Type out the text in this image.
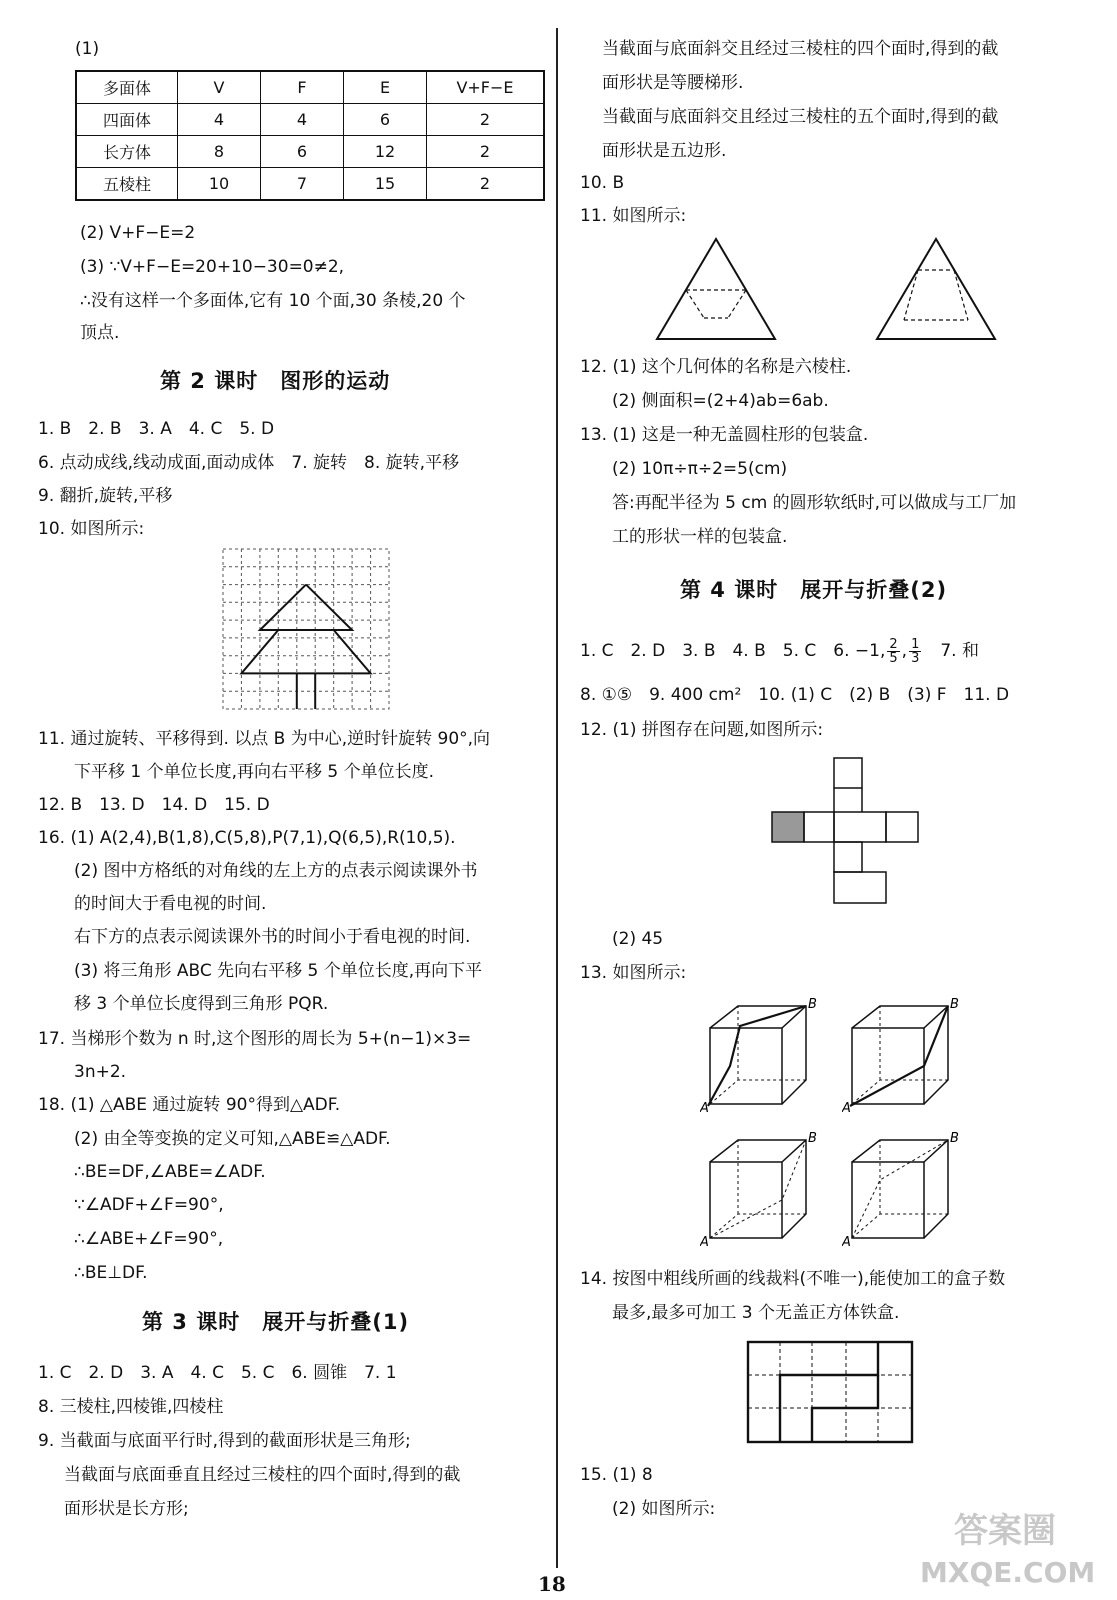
(1)
多面体	V	F	E	V+F−E
四面体	4	4	6	2
长方体	8	6	12	2
五棱柱	10	7	15	2
(2) V+F−E=2
(3) ∵V+F−E=20+10−30=0≠2,
∴没有这样一个多面体,它有 10 个面,30 条棱,20 个
顶点.
第 2 课时　图形的运动
1. B　2. B　3. A　4. C　5. D
6. 点动成线,线动成面,面动成体　7. 旋转　8. 旋转,平移
9. 翻折,旋转,平移
10. 如图所示:
11. 通过旋转、平移得到. 以点 B 为中心,逆时针旋转 90°,向
下平移 1 个单位长度,再向右平移 5 个单位长度.
12. B　13. D　14. D　15. D
16. (1) A(2,4),B(1,8),C(5,8),P(7,1),Q(6,5),R(10,5).
(2) 图中方格纸的对角线的左上方的点表示阅读课外书
的时间大于看电视的时间.
右下方的点表示阅读课外书的时间小于看电视的时间.
(3) 将三角形 ABC 先向右平移 5 个单位长度,再向下平
移 3 个单位长度得到三角形 PQR.
17. 当梯形个数为 n 时,这个图形的周长为 5+(n−1)×3=
3n+2.
18. (1) △ABE 通过旋转 90°得到△ADF.
(2) 由全等变换的定义可知,△ABE≌△ADF.
∴BE=DF,∠ABE=∠ADF.
∵∠ADF+∠F=90°,
∴∠ABE+∠F=90°,
∴BE⊥DF.
第 3 课时　展开与折叠(1)
1. C　2. D　3. A　4. C　5. C　6. 圆锥　7. 1
8. 三棱柱,四棱锥,四棱柱
9. 当截面与底面平行时,得到的截面形状是三角形;
当截面与底面垂直且经过三棱柱的四个面时,得到的截
面形状是长方形;
当截面与底面斜交且经过三棱柱的四个面时,得到的截
面形状是等腰梯形.
当截面与底面斜交且经过三棱柱的五个面时,得到的截
面形状是五边形.
10. B
11. 如图所示:
12. (1) 这个几何体的名称是六棱柱.
(2) 侧面积=(2+4)ab=6ab.
13. (1) 这是一种无盖圆柱形的包装盒.
(2) 10π÷π÷2=5(cm)
答:再配半径为 5 cm 的圆形软纸时,可以做成与工厂加
工的形状一样的包装盒.
第 4 课时　展开与折叠(2)
1. C　2. D　3. B　4. B　5. C　6. −1, $\frac{2}{5}$ , $\frac{1}{3}$ 　7. 和
8. ①⑤　9. 400 cm²　10. (1) C　(2) B　(3) F　11. D
12. (1) 拼图存在问题,如图所示:
(2) 45
13. 如图所示:
A
B
A
B
A
B
A
B
14. 按图中粗线所画的线裁料(不唯一),能使加工的盒子数
最多,最多可加工 3 个无盖正方体铁盒.
15. (1) 8
(2) 如图所示:
18
答案圈
MXQE.COM
